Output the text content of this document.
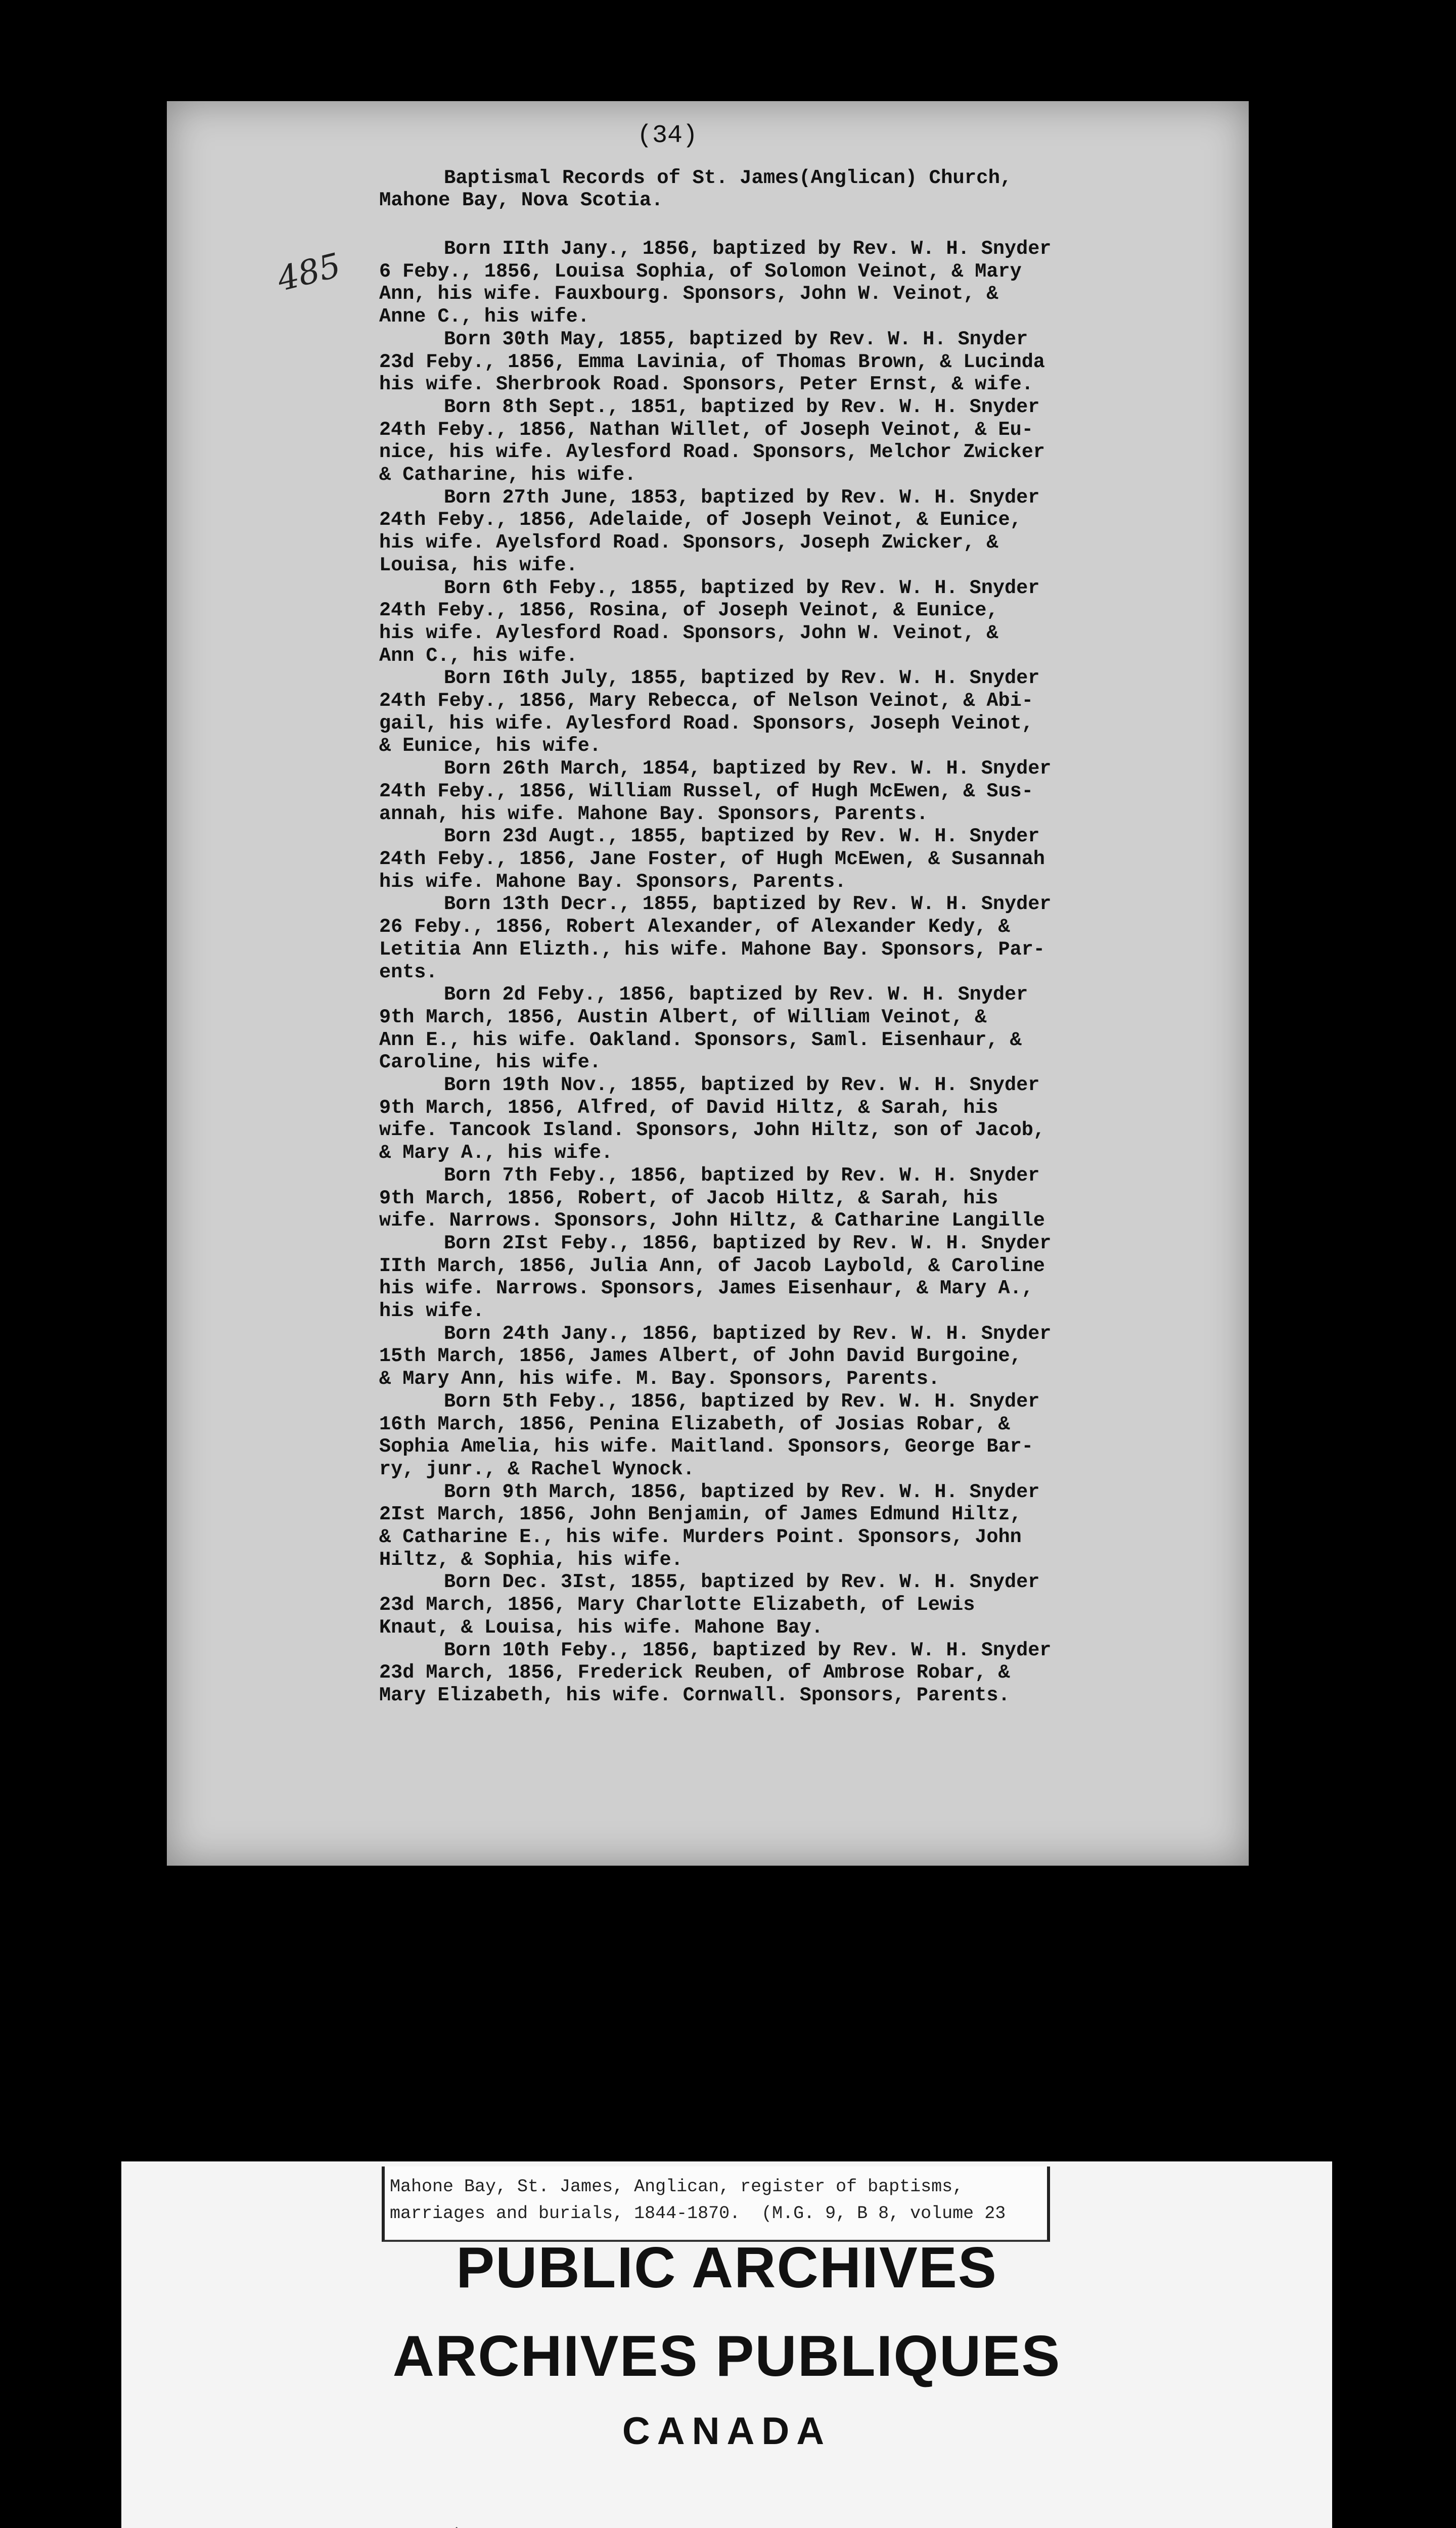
(34)
485
Baptismal Records of St. James(Anglican) Church,
Mahone Bay, Nova Scotia.
Born IIth Jany., 1856, baptized by Rev. W. H. Snyder
6 Feby., 1856, Louisa Sophia, of Solomon Veinot, & Mary
Ann, his wife. Fauxbourg. Sponsors, John W. Veinot, &
Anne C., his wife.
Born 30th May, 1855, baptized by Rev. W. H. Snyder
23d Feby., 1856, Emma Lavinia, of Thomas Brown, & Lucinda
his wife. Sherbrook Road. Sponsors, Peter Ernst, & wife.
Born 8th Sept., 1851, baptized by Rev. W. H. Snyder
24th Feby., 1856, Nathan Willet, of Joseph Veinot, & Eu-
nice, his wife. Aylesford Road. Sponsors, Melchor Zwicker
& Catharine, his wife.
Born 27th June, 1853, baptized by Rev. W. H. Snyder
24th Feby., 1856, Adelaide, of Joseph Veinot, & Eunice,
his wife. Ayelsford Road. Sponsors, Joseph Zwicker, &
Louisa, his wife.
Born 6th Feby., 1855, baptized by Rev. W. H. Snyder
24th Feby., 1856, Rosina, of Joseph Veinot, & Eunice,
his wife. Aylesford Road. Sponsors, John W. Veinot, &
Ann C., his wife.
Born I6th July, 1855, baptized by Rev. W. H. Snyder
24th Feby., 1856, Mary Rebecca, of Nelson Veinot, & Abi-
gail, his wife. Aylesford Road. Sponsors, Joseph Veinot,
& Eunice, his wife.
Born 26th March, 1854, baptized by Rev. W. H. Snyder
24th Feby., 1856, William Russel, of Hugh McEwen, & Sus-
annah, his wife. Mahone Bay. Sponsors, Parents.
Born 23d Augt., 1855, baptized by Rev. W. H. Snyder
24th Feby., 1856, Jane Foster, of Hugh McEwen, & Susannah
his wife. Mahone Bay. Sponsors, Parents.
Born 13th Decr., 1855, baptized by Rev. W. H. Snyder
26 Feby., 1856, Robert Alexander, of Alexander Kedy, &
Letitia Ann Elizth., his wife. Mahone Bay. Sponsors, Par-
ents.
Born 2d Feby., 1856, baptized by Rev. W. H. Snyder
9th March, 1856, Austin Albert, of William Veinot, &
Ann E., his wife. Oakland. Sponsors, Saml. Eisenhaur, &
Caroline, his wife.
Born 19th Nov., 1855, baptized by Rev. W. H. Snyder
9th March, 1856, Alfred, of David Hiltz, & Sarah, his
wife. Tancook Island. Sponsors, John Hiltz, son of Jacob,
& Mary A., his wife.
Born 7th Feby., 1856, baptized by Rev. W. H. Snyder
9th March, 1856, Robert, of Jacob Hiltz, & Sarah, his
wife. Narrows. Sponsors, John Hiltz, & Catharine Langille
Born 2Ist Feby., 1856, baptized by Rev. W. H. Snyder
IIth March, 1856, Julia Ann, of Jacob Laybold, & Caroline
his wife. Narrows. Sponsors, James Eisenhaur, & Mary A.,
his wife.
Born 24th Jany., 1856, baptized by Rev. W. H. Snyder
15th March, 1856, James Albert, of John David Burgoine,
& Mary Ann, his wife. M. Bay. Sponsors, Parents.
Born 5th Feby., 1856, baptized by Rev. W. H. Snyder
16th March, 1856, Penina Elizabeth, of Josias Robar, &
Sophia Amelia, his wife. Maitland. Sponsors, George Bar-
ry, junr., & Rachel Wynock.
Born 9th March, 1856, baptized by Rev. W. H. Snyder
2Ist March, 1856, John Benjamin, of James Edmund Hiltz,
& Catharine E., his wife. Murders Point. Sponsors, John
Hiltz, & Sophia, his wife.
Born Dec. 3Ist, 1855, baptized by Rev. W. H. Snyder
23d March, 1856, Mary Charlotte Elizabeth, of Lewis
Knaut, & Louisa, his wife. Mahone Bay.
Born 10th Feby., 1856, baptized by Rev. W. H. Snyder
23d March, 1856, Frederick Reuben, of Ambrose Robar, &
Mary Elizabeth, his wife. Cornwall. Sponsors, Parents.
Mahone Bay, St. James, Anglican, register of baptisms,
marriages and burials, 1844-1870.  (M.G. 9, B 8, volume 23
PUBLIC ARCHIVES
ARCHIVES PUBLIQUES
CANADA
